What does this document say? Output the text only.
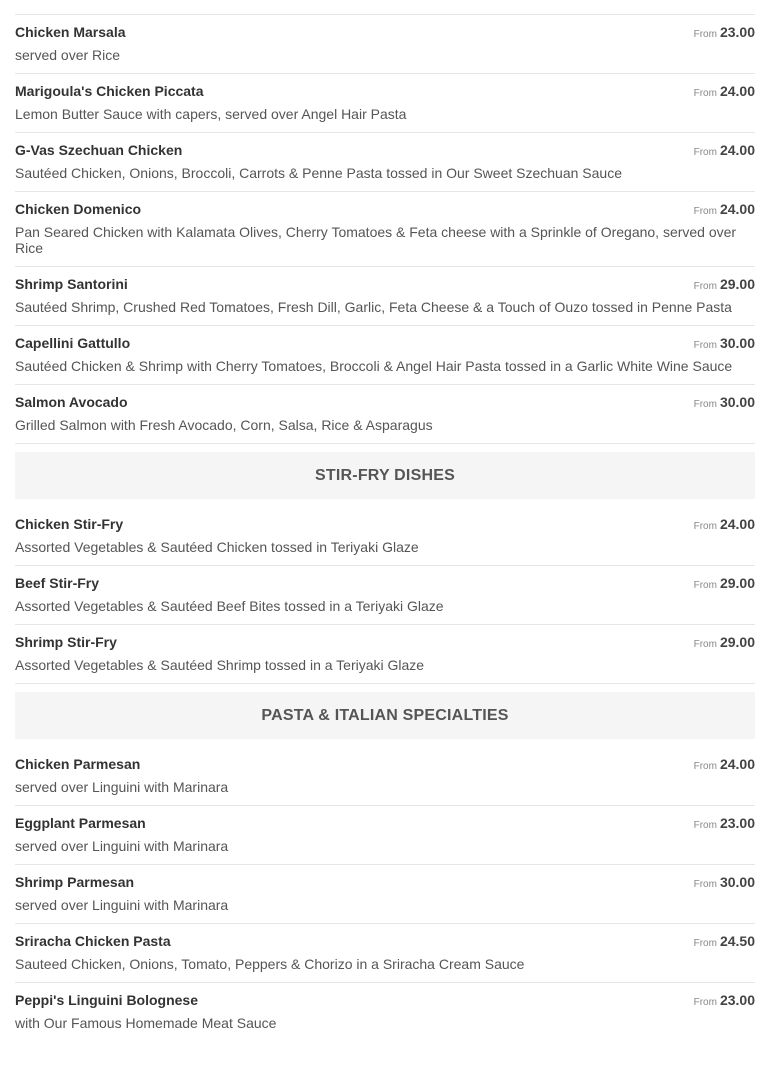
Chicken Marsala	From 23.00
served over Rice
Marigoula's Chicken Piccata	From 24.00
Lemon Butter Sauce with capers, served over Angel Hair Pasta
G-Vas Szechuan Chicken	From 24.00
Sautéed Chicken, Onions, Broccoli, Carrots & Penne Pasta tossed in Our Sweet Szechuan Sauce
Chicken Domenico	From 24.00
Pan Seared Chicken with Kalamata Olives, Cherry Tomatoes & Feta cheese with a Sprinkle of Oregano, served over Rice
Shrimp Santorini	From 29.00
Sautéed Shrimp, Crushed Red Tomatoes, Fresh Dill, Garlic, Feta Cheese & a Touch of Ouzo tossed in Penne Pasta
Capellini Gattullo	From 30.00
Sautéed Chicken & Shrimp with Cherry Tomatoes, Broccoli & Angel Hair Pasta tossed in a Garlic White Wine Sauce
Salmon Avocado	From 30.00
Grilled Salmon with Fresh Avocado, Corn, Salsa, Rice & Asparagus
STIR-FRY DISHES
Chicken Stir-Fry	From 24.00
Assorted Vegetables & Sautéed Chicken tossed in Teriyaki Glaze
Beef Stir-Fry	From 29.00
Assorted Vegetables & Sautéed Beef Bites tossed in a Teriyaki Glaze
Shrimp Stir-Fry	From 29.00
Assorted Vegetables & Sautéed Shrimp tossed in a Teriyaki Glaze
PASTA & ITALIAN SPECIALTIES
Chicken Parmesan	From 24.00
served over Linguini with Marinara
Eggplant Parmesan	From 23.00
served over Linguini with Marinara
Shrimp Parmesan	From 30.00
served over Linguini with Marinara
Sriracha Chicken Pasta	From 24.50
Sauteed Chicken, Onions, Tomato, Peppers & Chorizo in a Sriracha Cream Sauce
Peppi's Linguini Bolognese	From 23.00
with Our Famous Homemade Meat Sauce
